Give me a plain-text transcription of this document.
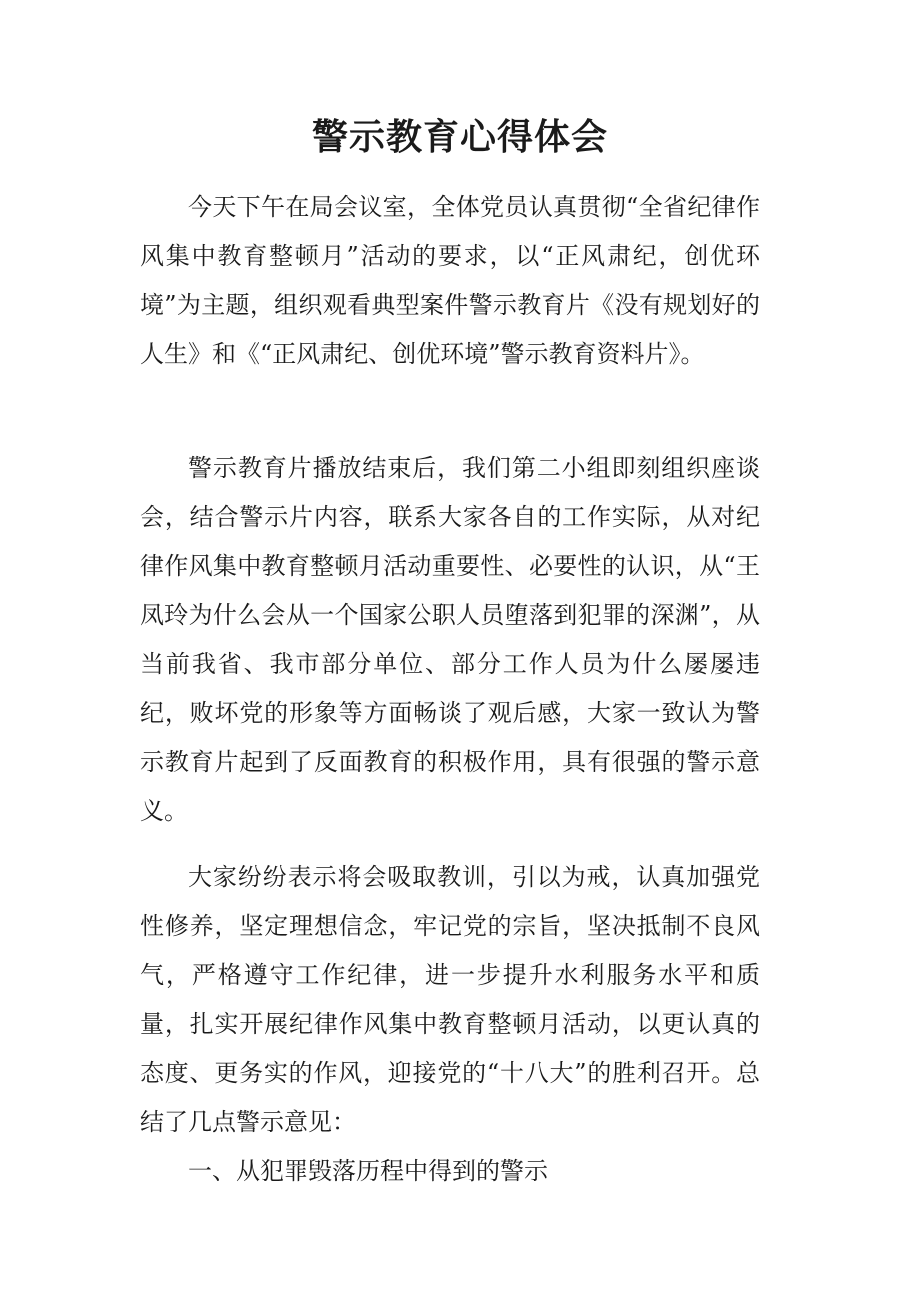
警示教育心得体会

今天下午在局会议室，全体党员认真贯彻“全省纪律作风集中教育整顿月”活动的要求，以“正风肃纪，创优环境”为主题，组织观看典型案件警示教育片《没有规划好的人生》和《“正风肃纪、创优环境”警示教育资料片》。

警示教育片播放结束后，我们第二小组即刻组织座谈会，结合警示片内容，联系大家各自的工作实际，从对纪律作风集中教育整顿月活动重要性、必要性的认识，从“王凤玲为什么会从一个国家公职人员堕落到犯罪的深渊”，从当前我省、我市部分单位、部分工作人员为什么屡屡违纪，败坏党的形象等方面畅谈了观后感，大家一致认为警示教育片起到了反面教育的积极作用，具有很强的警示意义。

大家纷纷表示将会吸取教训，引以为戒，认真加强党性修养，坚定理想信念，牢记党的宗旨，坚决抵制不良风气，严格遵守工作纪律，进一步提升水利服务水平和质量，扎实开展纪律作风集中教育整顿月活动，以更认真的态度、更务实的作风，迎接党的“十八大”的胜利召开。总结了几点警示意见：

一、从犯罪毁落历程中得到的警示
